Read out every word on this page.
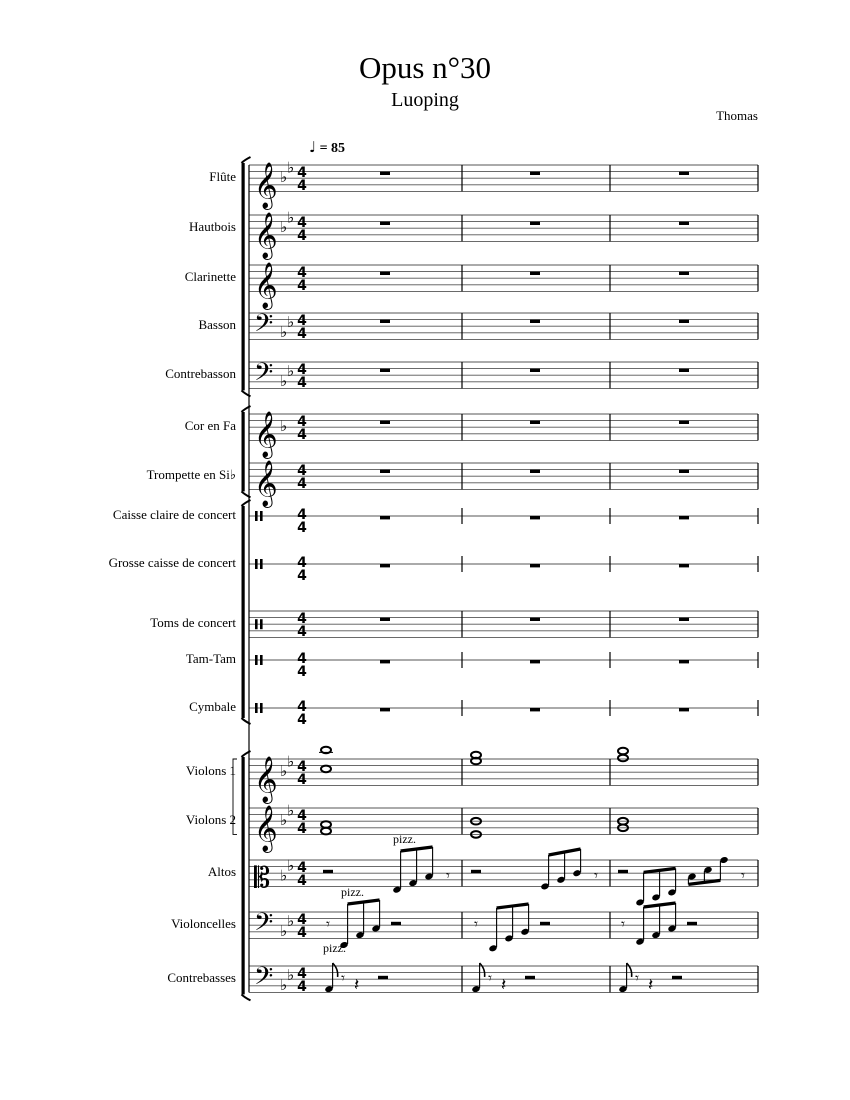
Opus n°30
Luoping
Thomas
♩ = 85
Flûte
Hautbois
Clarinette
Basson
Contrebasson
Cor en Fa
Trompette en Si♭
Caisse claire de concert
Grosse caisse de concert
Toms de concert
Tam-Tam
Cymbale
Violons 1
Violons 2
Altos
Violoncelles
Contrebasses
𝄞 ♭
♭ 4
4
𝄞 ♭
♭ 4
4
𝄞 4
4
𝄢 ♭
♭ 4
4
𝄢 ♭
♭ 4
4
𝄞 ♭ 4
4
𝄞 4
4
4
4
4
4
4
4
4
4
4
4
𝄞 ♭
♭ 4
4
𝄞 ♭
♭ 4
4
𝄡 ♭
♭ 4
4	𝄾
pizz.
𝄾	𝄾
𝄢 ♭
♭ 4
4 𝄾
pizz.
𝄾	𝄾
𝄢 ♭
♭ 4
4 𝄾 𝄽
pizz.
𝄾 𝄽	𝄾 𝄽
